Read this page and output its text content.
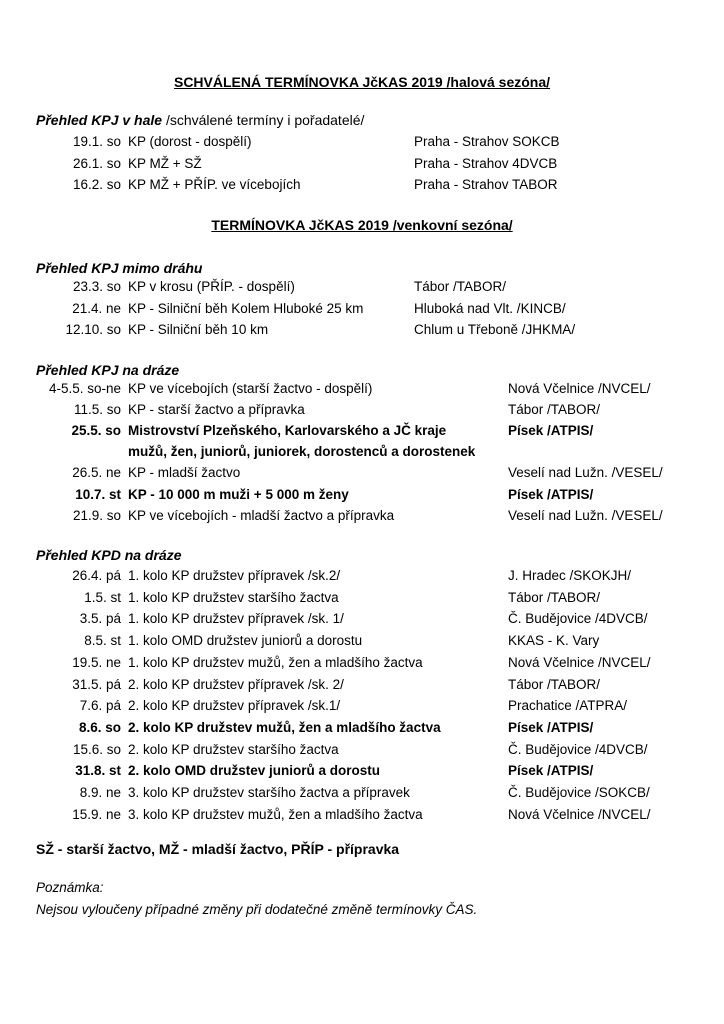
SCHVÁLENÁ TERMÍNOVKA JčKAS 2019 /halová sezóna/
Přehled KPJ v hale /schválené termíny i pořadatelé/
19.1. so KP (dorost - dospělí)	Praha - Strahov SOKCB
26.1. so KP MŽ + SŽ	Praha - Strahov 4DVCB
16.2. so KP MŽ + PŘÍP. ve vícebojích	Praha - Strahov TABOR
TERMÍNOVKA JčKAS 2019 /venkovní sezóna/
Přehled KPJ mimo dráhu
23.3. so KP v krosu (PŘÍP. - dospělí)	Tábor /TABOR/
21.4. ne KP - Silniční běh Kolem Hluboké 25 km	Hluboká nad Vlt. /KINCB/
12.10. so KP - Silniční běh 10 km	Chlum u Třeboně /JHKMA/
Přehled KPJ na dráze
4-5.5. so-ne KP ve vícebojích (starší žactvo - dospělí)	Nová Včelnice /NVCEL/
11.5. so KP - starší žactvo a přípravka	Tábor /TABOR/
25.5. so Mistrovství Plzeňského, Karlovarského a JČ kraje	Písek /ATPIS/
mužů, žen, juniorů, juniorek, dorostenců a dorostenek
26.5. ne KP - mladší žactvo	Veselí nad Lužn. /VESEL/
10.7. st KP - 10 000 m muži + 5 000 m ženy	Písek /ATPIS/
21.9. so KP ve vícebojích - mladší žactvo a přípravka	Veselí nad Lužn. /VESEL/
Přehled KPD na dráze
26.4. pá 1. kolo KP družstev přípravek /sk.2/	J. Hradec /SKOKJH/
1.5. st 1. kolo KP družstev staršího žactva	Tábor /TABOR/
3.5. pá 1. kolo KP družstev přípravek /sk. 1/	Č. Budějovice /4DVCB/
8.5. st 1. kolo OMD družstev juniorů a dorostu	KKAS - K. Vary
19.5. ne 1. kolo KP družstev mužů, žen a mladšího žactva	Nová Včelnice /NVCEL/
31.5. pá 2. kolo KP družstev přípravek /sk. 2/	Tábor /TABOR/
7.6. pá 2. kolo KP družstev přípravek /sk.1/	Prachatice /ATPRA/
8.6. so 2. kolo KP družstev mužů, žen a mladšího žactva	Písek /ATPIS/
15.6. so 2. kolo KP družstev staršího žactva	Č. Budějovice /4DVCB/
31.8. st 2. kolo OMD družstev juniorů a dorostu	Písek /ATPIS/
8.9. ne 3. kolo KP družstev staršího žactva a přípravek	Č. Budějovice /SOKCB/
15.9. ne 3. kolo KP družstev mužů, žen a mladšího žactva	Nová Včelnice /NVCEL/
SŽ - starší žactvo, MŽ - mladší žactvo, PŘÍP - přípravka
Poznámka:
Nejsou vyloučeny případné změny při dodatečné změně termínovky ČAS.
